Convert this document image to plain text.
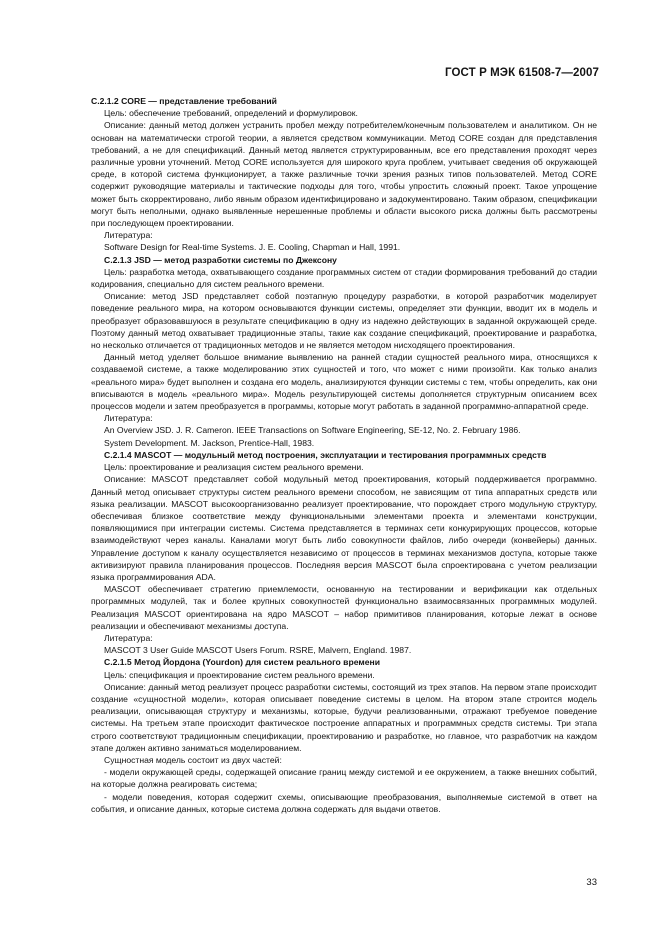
ГОСТ Р МЭК 61508-7—2007
С.2.1.2 CORE — представление требований

Цель: обеспечение требований, определений и формулировок.

Описание: данный метод должен устранить пробел между потребителем/конечным пользователем и аналитиком. Он не основан на математически строгой теории, а является средством коммуникации. Метод CORE создан для представления требований, а не для спецификаций. Данный метод является структурированным, все его представления проходят через различные уровни уточнений. Метод CORE используется для широкого круга проблем, учитывает сведения об окружающей среде, в которой система функционирует, а также различные точки зрения разных типов пользователей. Метод CORE содержит руководящие материалы и тактические подходы для того, чтобы упростить сложный проект. Такое упрощение может быть скорректировано, либо явным образом идентифицировано и задокументировано. Таким образом, спецификации могут быть неполными, однако выявленные нерешенные проблемы и области высокого риска должны быть рассмотрены при последующем проектировании.

Литература:

Software Design for Real-time Systems. J. E. Cooling, Chapman и Hall, 1991.

С.2.1.3 JSD — метод разработки системы по Джексону

Цель: разработка метода, охватывающего создание программных систем от стадии формирования требований до стадии кодирования, специально для систем реального времени.

Описание: метод JSD представляет собой поэтапную процедуру разработки, в которой разработчик моделирует поведение реального мира, на котором основываются функции системы, определяет эти функции, вводит их в модель и преобразует образовавшуюся в результате спецификацию в одну из надежно действующих в заданной окружающей среде. Поэтому данный метод охватывает традиционные этапы, такие как создание спецификаций, проектирование и разработка, но несколько отличается от традиционных методов и не является методом нисходящего проектирования.

Данный метод уделяет большое внимание выявлению на ранней стадии сущностей реального мира, относящихся к создаваемой системе, а также моделированию этих сущностей и того, что может с ними произойти. Как только анализ «реального мира» будет выполнен и создана его модель, анализируются функции системы с тем, чтобы определить, как они вписываются в модель «реального мира». Модель результирующей системы дополняется структурным описанием всех процессов модели и затем преобразуется в программы, которые могут работать в заданной программно-аппаратной среде.

Литература:

An Overview JSD. J. R. Cameron. IEEE Transactions on Software Engineering, SE-12, No. 2. February 1986.

System Development. M. Jackson, Prentice-Hall, 1983.

С.2.1.4 MASCOT — модульный метод построения, эксплуатации и тестирования программных средств

Цель: проектирование и реализация систем реального времени.

Описание: MASCOT представляет собой модульный метод проектирования, который поддерживается программно. Данный метод описывает структуры систем реального времени способом, не зависящим от типа аппаратных средств или языка реализации. MASCOT высокоорганизованно реализует проектирование, что порождает строго модульную структуру, обеспечивая близкое соответствие между функциональными элементами проекта и элементами конструкции, появляющимися при интеграции системы. Система представляется в терминах сети конкурирующих процессов, которые взаимодействуют через каналы. Каналами могут быть либо совокупности файлов, либо очереди (конвейеры) данных. Управление доступом к каналу осуществляется независимо от процессов в терминах механизмов доступа, которые также активизируют правила планирования процессов. Последняя версия MASCOT была спроектирована с учетом реализации языка программирования ADA.

MASCOT обеспечивает стратегию приемлемости, основанную на тестировании и верификации как отдельных программных модулей, так и более крупных совокупностей функционально взаимосвязанных программных модулей. Реализация MASCOT ориентирована на ядро MASCOT – набор примитивов планирования, которые лежат в основе реализации и обеспечивают механизмы доступа.

Литература:

MASCOT 3 User Guide MASCOT Users Forum. RSRE, Malvern, England. 1987.

С.2.1.5 Метод Йордона (Yourdon) для систем реального времени

Цель: спецификация и проектирование систем реального времени.

Описание: данный метод реализует процесс разработки системы, состоящий из трех этапов. На первом этапе происходит создание «сущностной модели», которая описывает поведение системы в целом. На втором этапе строится модель реализации, описывающая структуру и механизмы, которые, будучи реализованными, отражают требуемое поведение системы. На третьем этапе происходит фактическое построение аппаратных и программных средств системы. Три этапа строго соответствуют традиционным спецификации, проектированию и разработке, но главное, что разработчик на каждом этапе должен активно заниматься моделированием.

Сущностная модель состоит из двух частей:

- модели окружающей среды, содержащей описание границ между системой и ее окружением, а также внешних событий, на которые должна реагировать система;

- модели поведения, которая содержит схемы, описывающие преобразования, выполняемые системой в ответ на события, и описание данных, которые система должна содержать для выдачи ответов.

33
